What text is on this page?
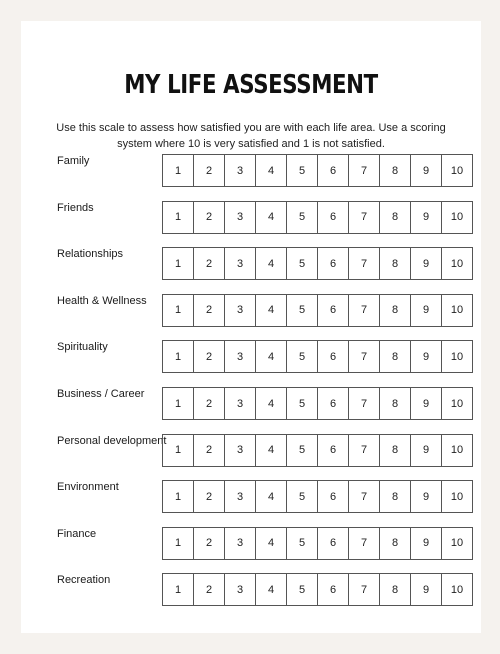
MY LIFE ASSESSMENT
Use this scale to assess how satisfied you are with each life area. Use a scoring system where 10 is very satisfied and 1 is not satisfied.
Family
1	2	3	4	5	6	7	8	9	10
Friends
1	2	3	4	5	6	7	8	9	10
Relationships
1	2	3	4	5	6	7	8	9	10
Health & Wellness
1	2	3	4	5	6	7	8	9	10
Spirituality
1	2	3	4	5	6	7	8	9	10
Business / Career
1	2	3	4	5	6	7	8	9	10
Personal development
1	2	3	4	5	6	7	8	9	10
Environment
1	2	3	4	5	6	7	8	9	10
Finance
1	2	3	4	5	6	7	8	9	10
Recreation
1	2	3	4	5	6	7	8	9	10
